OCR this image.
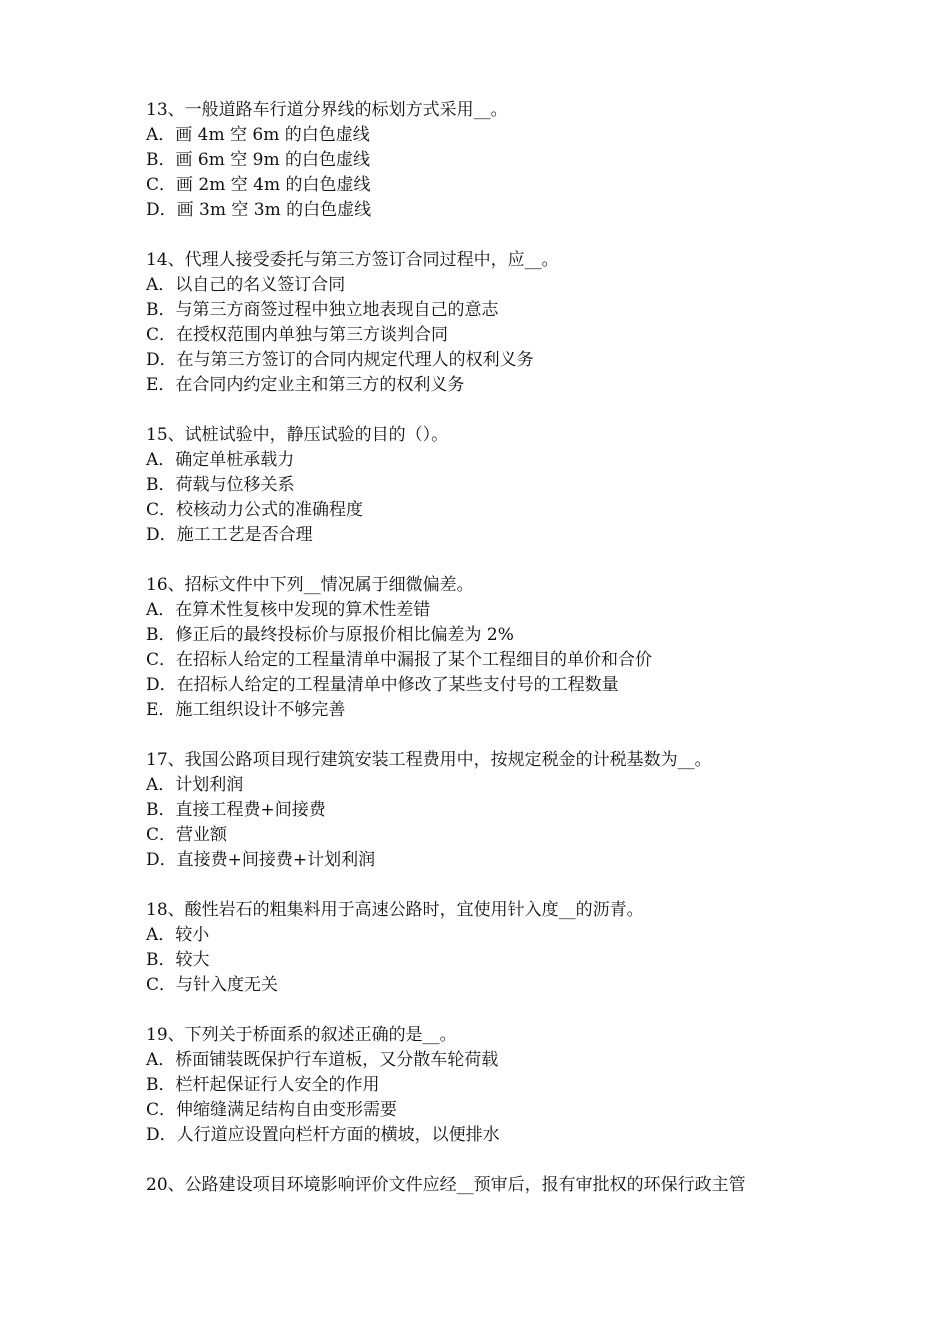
13、一般道路车行道分界线的标划方式采用__。
A．画 4m 空 6m 的白色虚线
B．画 6m 空 9m 的白色虚线
C．画 2m 空 4m 的白色虚线
D．画 3m 空 3m 的白色虚线
14、代理人接受委托与第三方签订合同过程中，应__。
A．以自己的名义签订合同
B．与第三方商签过程中独立地表现自己的意志
C．在授权范围内单独与第三方谈判合同
D．在与第三方签订的合同内规定代理人的权利义务
E．在合同内约定业主和第三方的权利义务
15、试桩试验中，静压试验的目的（）。
A．确定单桩承载力
B．荷载与位移关系
C．校核动力公式的准确程度
D．施工工艺是否合理
16、招标文件中下列__情况属于细微偏差。
A．在算术性复核中发现的算术性差错
B．修正后的最终投标价与原报价相比偏差为 2%
C．在招标人给定的工程量清单中漏报了某个工程细目的单价和合价
D．在招标人给定的工程量清单中修改了某些支付号的工程数量
E．施工组织设计不够完善
17、我国公路项目现行建筑安装工程费用中，按规定税金的计税基数为__。
A．计划利润
B．直接工程费+间接费
C．营业额
D．直接费+间接费+计划利润
18、酸性岩石的粗集料用于高速公路时，宜使用针入度__的沥青。
A．较小
B．较大
C．与针入度无关
19、下列关于桥面系的叙述正确的是__。
A．桥面铺装既保护行车道板，又分散车轮荷载
B．栏杆起保证行人安全的作用
C．伸缩缝满足结构自由变形需要
D．人行道应设置向栏杆方面的横坡，以便排水
20、公路建设项目环境影响评价文件应经__预审后，报有审批权的环保行政主管
